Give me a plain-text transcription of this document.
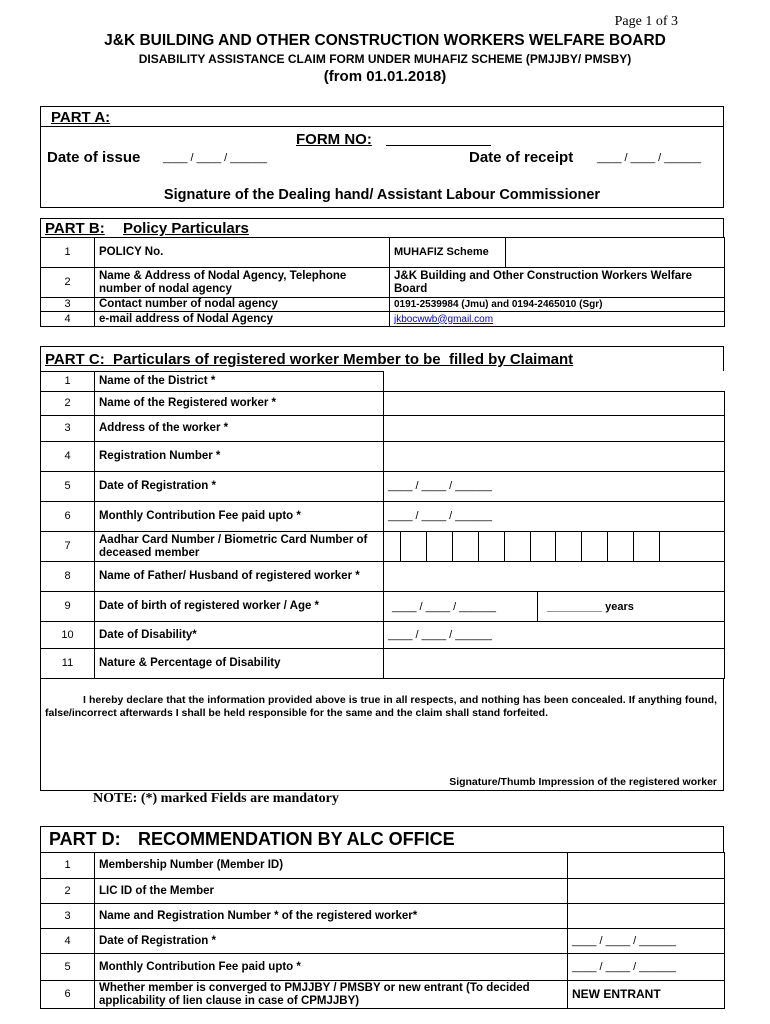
Page 1 of 3
J&K BUILDING AND OTHER CONSTRUCTION WORKERS WELFARE BOARD
DISABILITY ASSISTANCE CLAIM FORM UNDER MUHAFIZ SCHEME (PMJJBY/ PMSBY)
(from 01.01.2018)
PART A:
FORM NO:
Date of issue ____ / ____ / ______	Date of receipt ____ / ____ / ______
Signature of the Dealing hand/ Assistant Labour Commissioner
PART B: Policy Particulars
1	POLICY No.	MUHAFIZ Scheme	
2	Name & Address of Nodal Agency, Telephone number of nodal agency	J&K Building and Other Construction Workers Welfare Board	
3	Contact number of nodal agency	0191-2539984 (Jmu) and 0194-2465010 (Sgr)	
4	e-mail address of Nodal Agency	jkbocwwb@gmail.com	
PART C:  Particulars of registered worker Member to be  filled by Claimant
1	Name of the District *	
2	Name of the Registered worker *	
3	Address of the worker *	
4	Registration Number *	
5	Date of Registration *	____ / ____ / ______
6	Monthly Contribution Fee paid upto *	____ / ____ / ______
7	Aadhar Card Number / Biometric Card Number of deceased member	

8	Name of Father/ Husband of registered worker *	
9	Date of birth of registered worker / Age *	____ / ____ / ______ _________ years

10	Date of Disability*	____ / ____ / ______
11	Nature & Percentage of Disability	
I hereby declare that the information provided above is true in all respects, and nothing has been concealed. If anything found, false/incorrect afterwards I shall be held responsible for the same and the claim shall stand forfeited.
Signature/Thumb Impression of the registered worker
NOTE: (*) marked Fields are mandatory
PART D: RECOMMENDATION BY ALC OFFICE
1	Membership Number (Member ID)	
2	LIC ID of the Member	
3	Name and Registration Number * of the registered worker*	
4	Date of Registration *	____ / ____ / ______
5	Monthly Contribution Fee paid upto *	____ / ____ / ______
6	Whether member is converged to PMJJBY / PMSBY or new entrant (To decided applicability of lien clause in case of CPMJJBY)	NEW ENTRANT
